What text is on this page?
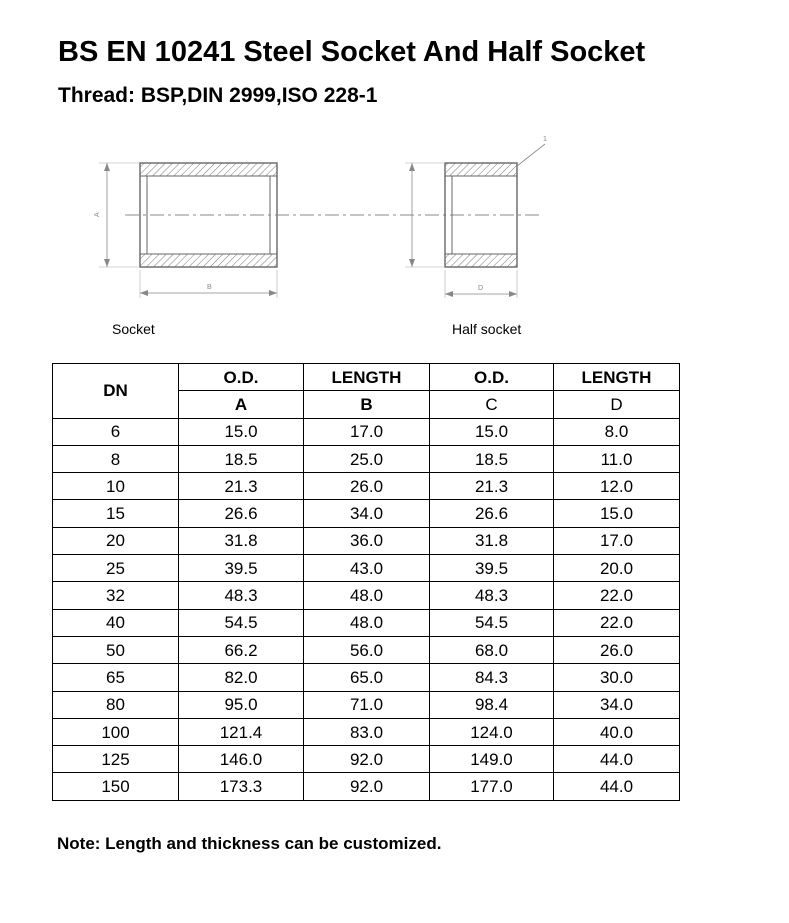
BS EN 10241 Steel Socket And Half Socket
Thread: BSP,DIN 2999,ISO 228-1
A
B	D
1
Socket	Half socket
DN	O.D.	LENGTH	O.D.	LENGTH
	A	B	C	D
6	15.0	17.0	15.0	8.0
8	18.5	25.0	18.5	11.0
10	21.3	26.0	21.3	12.0
15	26.6	34.0	26.6	15.0
20	31.8	36.0	31.8	17.0
25	39.5	43.0	39.5	20.0
32	48.3	48.0	48.3	22.0
40	54.5	48.0	54.5	22.0
50	66.2	56.0	68.0	26.0
65	82.0	65.0	84.3	30.0
80	95.0	71.0	98.4	34.0
100	121.4	83.0	124.0	40.0
125	146.0	92.0	149.0	44.0
150	173.3	92.0	177.0	44.0
Note: Length and thickness can be customized.
